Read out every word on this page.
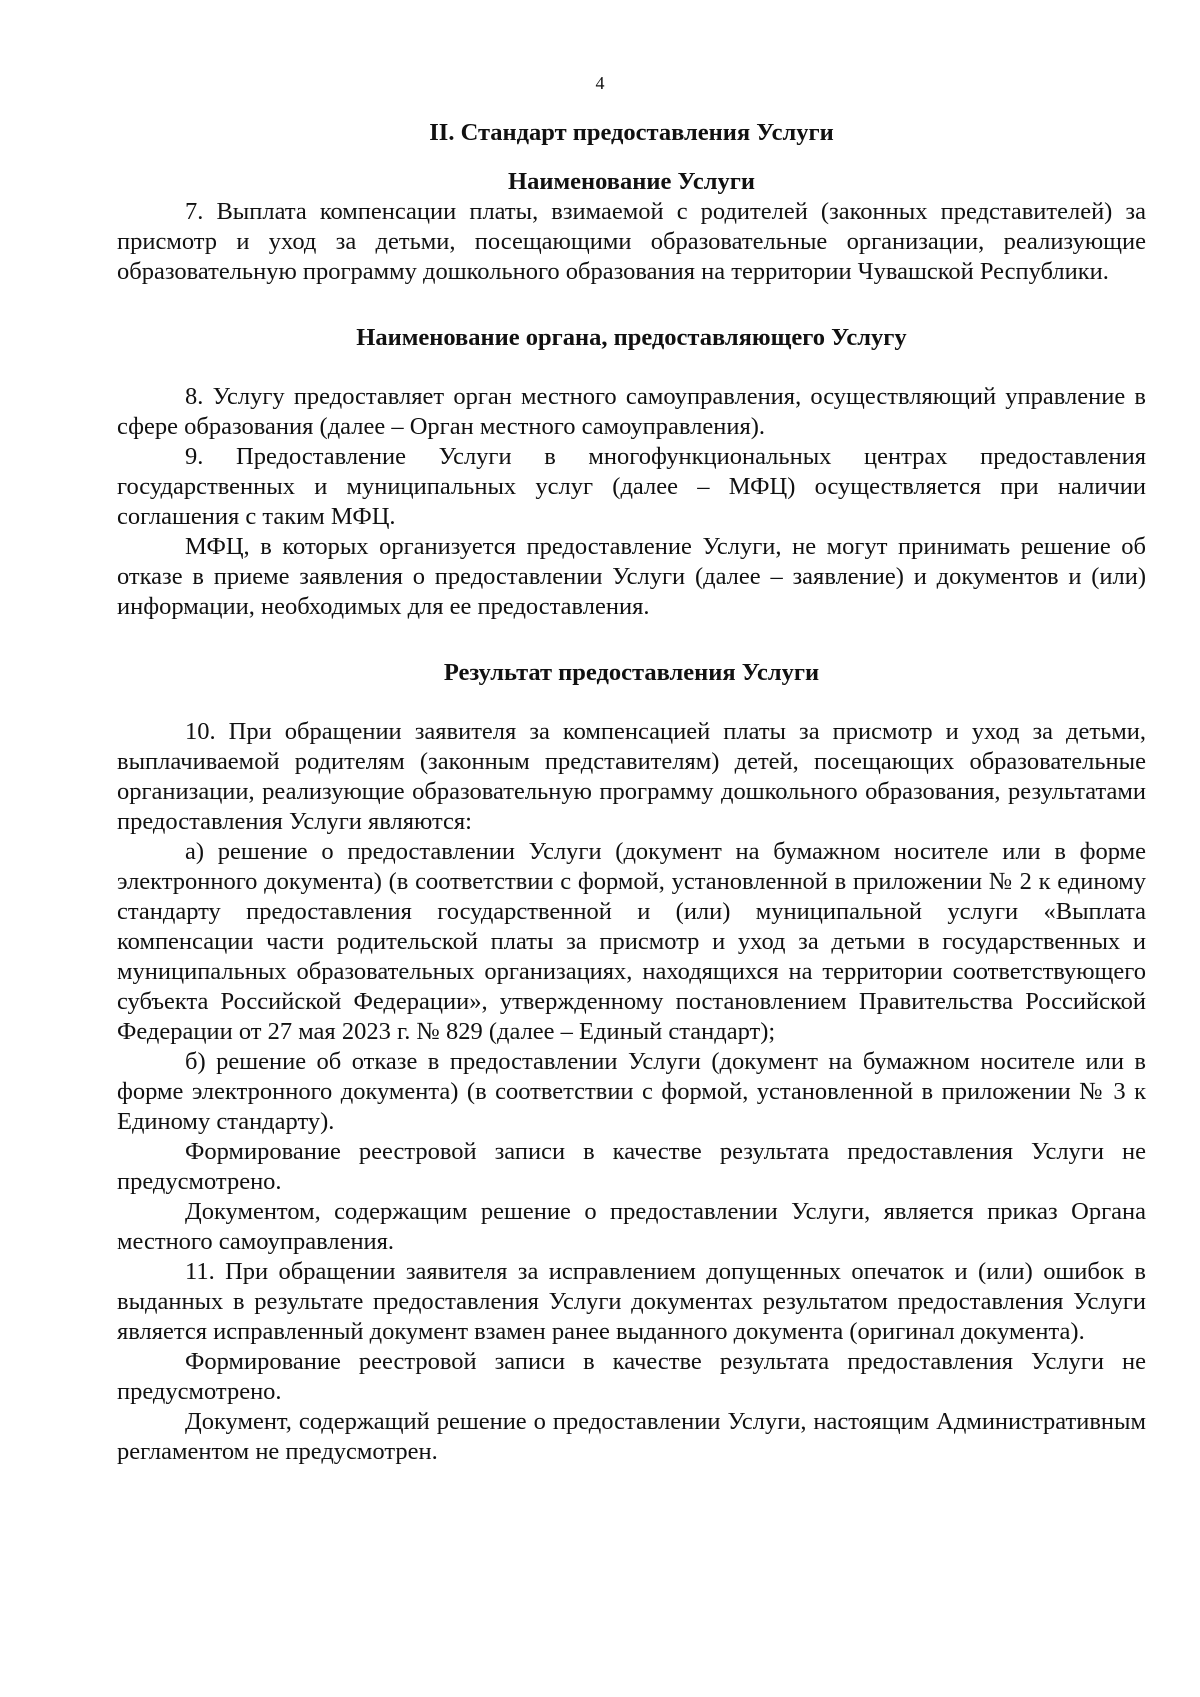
4
II. Стандарт предоставления Услуги
Наименование Услуги

7. Выплата компенсации платы, взимаемой с родителей (законных представителей) за присмотр и уход за детьми, посещающими образовательные организации, реализующие образовательную программу дошкольного образования на территории Чувашской Республики.

Наименование органа, предоставляющего Услугу

8. Услугу предоставляет орган местного самоуправления, осуществляющий управление в сфере образования (далее – Орган местного самоуправления).

9. Предоставление Услуги в многофункциональных центрах предоставления государственных и муниципальных услуг (далее – МФЦ) осуществляется при наличии соглашения с таким МФЦ.

МФЦ, в которых организуется предоставление Услуги, не могут принимать решение об отказе в приеме заявления о предоставлении Услуги (далее – заявление) и документов и (или) информации, необходимых для ее предоставления.

Результат предоставления Услуги

10. При обращении заявителя за компенсацией платы за присмотр и уход за детьми, выплачиваемой родителям (законным представителям) детей, посещающих образовательные организации, реализующие образовательную программу дошкольного образования, результатами предоставления Услуги являются:

а) решение о предоставлении Услуги (документ на бумажном носителе или в форме электронного документа) (в соответствии с формой, установленной в приложении № 2 к единому стандарту предоставления государственной и (или) муниципальной услуги «Выплата компенсации части родительской платы за присмотр и уход за детьми в государственных и муниципальных образовательных организациях, находящихся на территории соответствующего субъекта Российской Федерации», утвержденному постановлением Правительства Российской Федерации от 27 мая 2023 г. № 829 (далее – Единый стандарт);

б) решение об отказе в предоставлении Услуги (документ на бумажном носителе или в форме электронного документа) (в соответствии с формой, установленной в приложении № 3 к Единому стандарту).

Формирование реестровой записи в качестве результата предоставления Услуги не предусмотрено.

Документом, содержащим решение о предоставлении Услуги, является приказ Органа местного самоуправления.

11. При обращении заявителя за исправлением допущенных опечаток и (или) ошибок в выданных в результате предоставления Услуги документах результатом предоставления Услуги является исправленный документ взамен ранее выданного документа (оригинал документа).

Формирование реестровой записи в качестве результата предоставления Услуги не предусмотрено.

Документ, содержащий решение о предоставлении Услуги, настоящим Административным регламентом не предусмотрен.
